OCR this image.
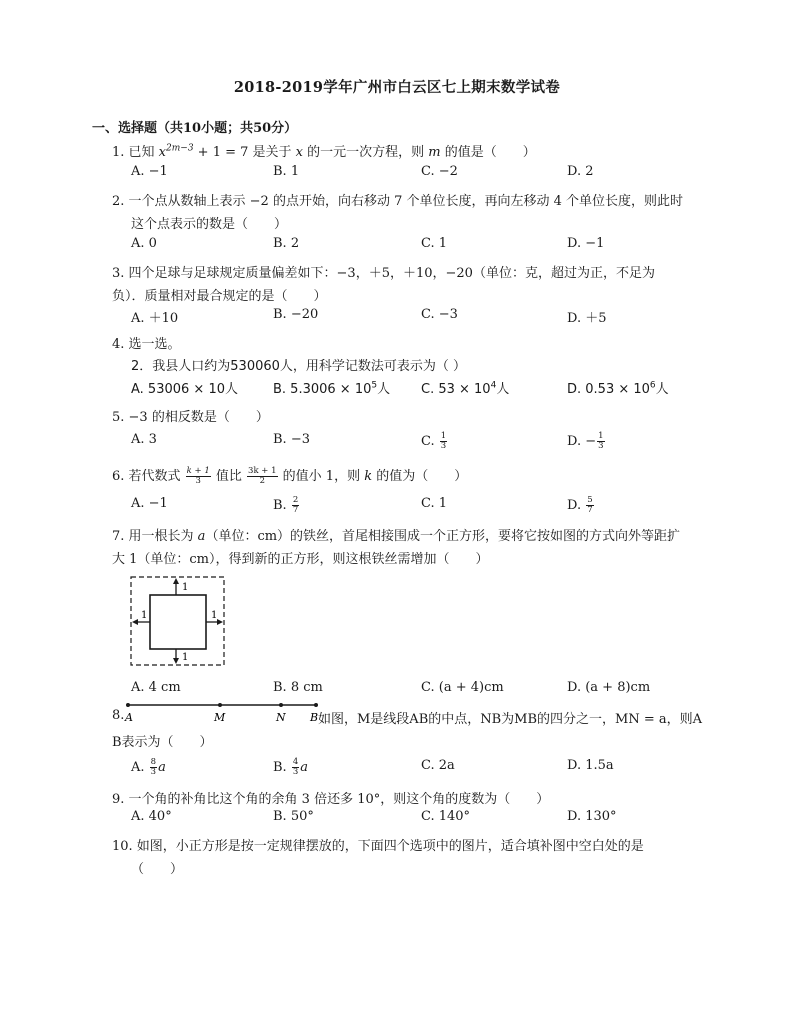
2018-2019学年广州市白云区七上期末数学试卷
一、选择题（共10小题；共50分）
1. 已知 $x^{2m-3} + 1 = 7$ 是关于 x 的一元一次方程，则 m 的值是（　　）
A. −1	B. 1	C. −2	D. 2
2. 一个点从数轴上表示 −2 的点开始，向右移动 7 个单位长度，再向左移动 4 个单位长度，则此时
这个点表示的数是（　　）
A. 0	B. 2	C. 1	D. −1
3. 四个足球与足球规定质量偏差如下：−3，＋5，＋10，−20（单位：克，超过为正，不足为
负）．质量相对最合规定的是（　　）
A. ＋10	B. −20	C. −3	D. ＋5
4. 选一选。
2．我县人口约为530060人，用科学记数法可表示为（ ）
A. 53006 × 10人	B. $5.3006 \times 10^5$人 C. $53 \times 10^4$人	D. $0.53 \times 10^6$人
5. −3 的相反数是（　　）
A. 3	B. −3	C. $\frac{1}{3}$	D. − $\frac{1}{3}$
6. 若代数式 $\frac{k + 1}{3}$ 值比 $\frac{3k + 1}{2}$ 的值小 1，则 k 的值为（　　）
A. −1	B. $\frac{2}{7}$	C. 1	D. $\frac{5}{7}$
7. 用一根长为 a（单位：cm）的铁丝，首尾相接围成一个正方形，要将它按如图的方式向外等距扩
大 1（单位：cm），得到新的正方形，则这根铁丝需增加（　　）
1
1
1	1
A. 4 cm	B. 8 cm	C. (a + 4)cm	D. (a + 8)cm
8. A	M	N B 如图，M是线段AB的中点，NB为MB的四分之一，MN = a，则A
B表示为（　　）
A. $\frac{8}{3}$ a	B. $\frac{4}{3}$ a	C. 2a	D. 1.5a
9. 一个角的补角比这个角的余角 3 倍还多 10°，则这个角的度数为（　　）
A. 40°	B. 50°	C. 140°	D. 130°
10. 如图，小正方形是按一定规律摆放的，下面四个选项中的图片，适合填补图中空白处的是
（　　）
